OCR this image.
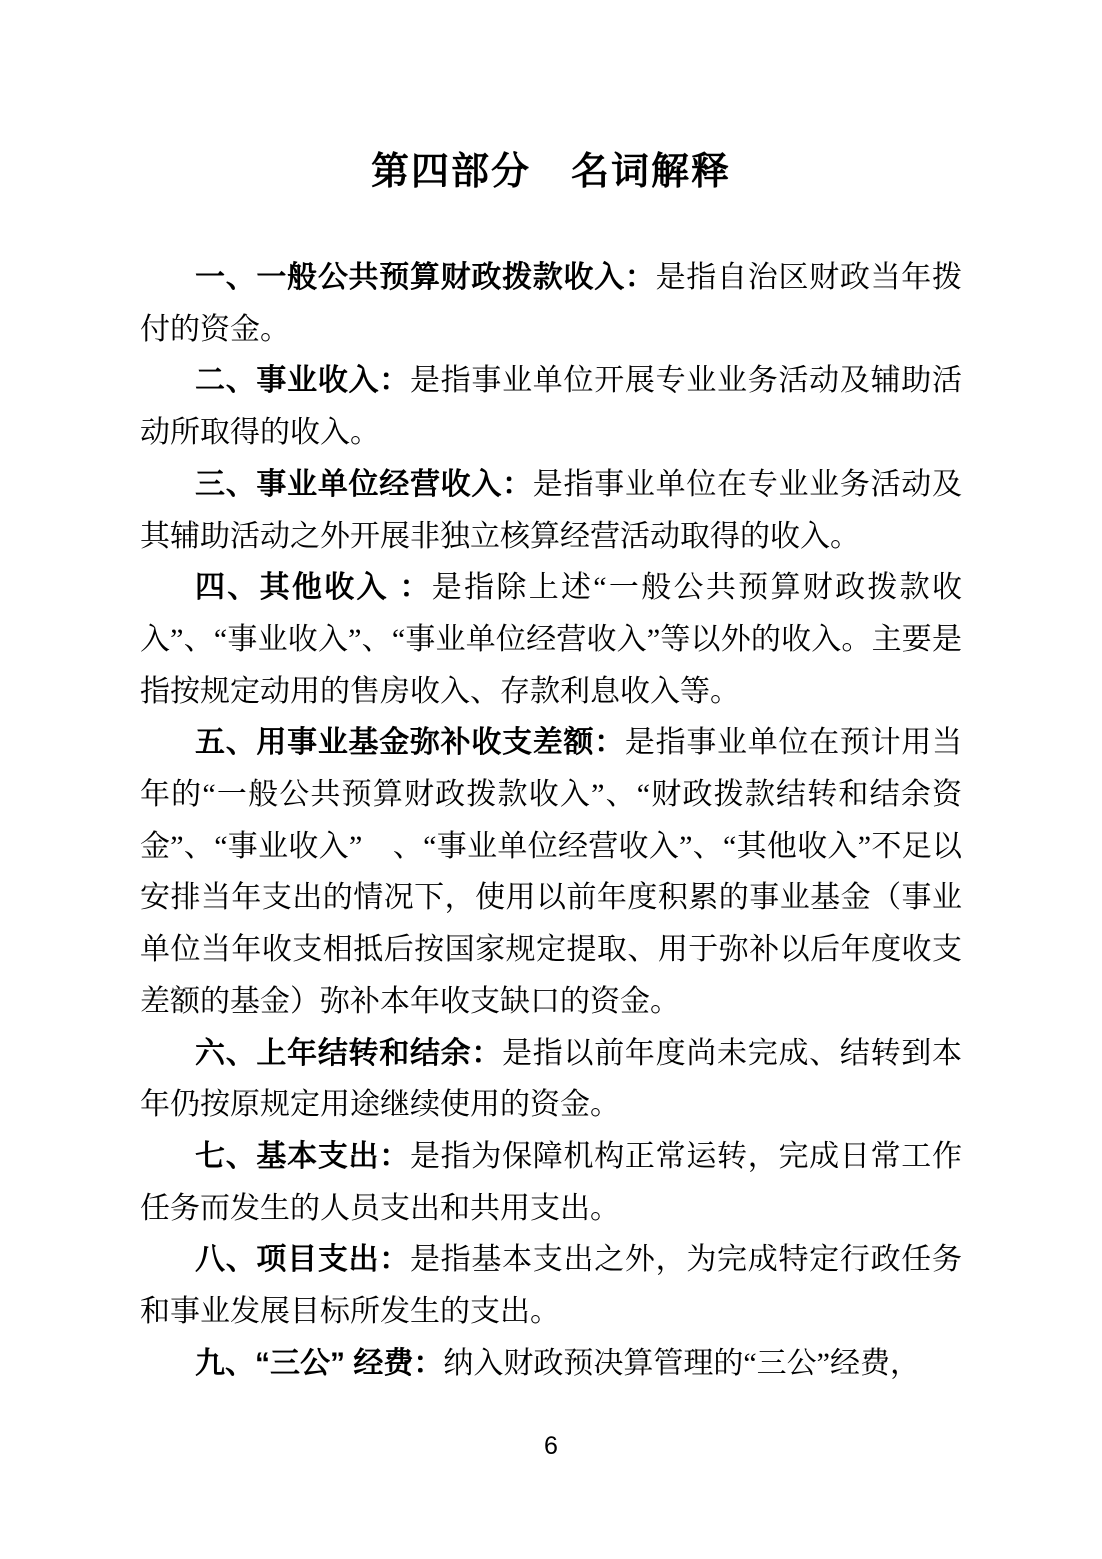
第四部分　名词解释

一、一般公共预算财政拨款收入：是指自治区财政当年拨付的资金。

二、事业收入：是指事业单位开展专业业务活动及辅助活动所取得的收入。

三、事业单位经营收入：是指事业单位在专业业务活动及其辅助活动之外开展非独立核算经营活动取得的收入。

四、其他收入 ：是指除上述“一般公共预算财政拨款收入”、“事业收入”、“事业单位经营收入”等以外的收入。主要是指按规定动用的售房收入、存款利息收入等。

五、用事业基金弥补收支差额：是指事业单位在预计用当年的“一般公共预算财政拨款收入”、“财政拨款结转和结余资金”、“事业收入”　、“事业单位经营收入”、“其他收入”不足以安排当年支出的情况下，使用以前年度积累的事业基金（事业单位当年收支相抵后按国家规定提取、用于弥补以后年度收支差额的基金）弥补本年收支缺口的资金。

六、上年结转和结余：是指以前年度尚未完成、结转到本年仍按原规定用途继续使用的资金。

七、基本支出：是指为保障机构正常运转，完成日常工作任务而发生的人员支出和共用支出。

八、项目支出：是指基本支出之外，为完成特定行政任务和事业发展目标所发生的支出。

九、“三公” 经费：纳入财政预决算管理的“三公”经费，

6
